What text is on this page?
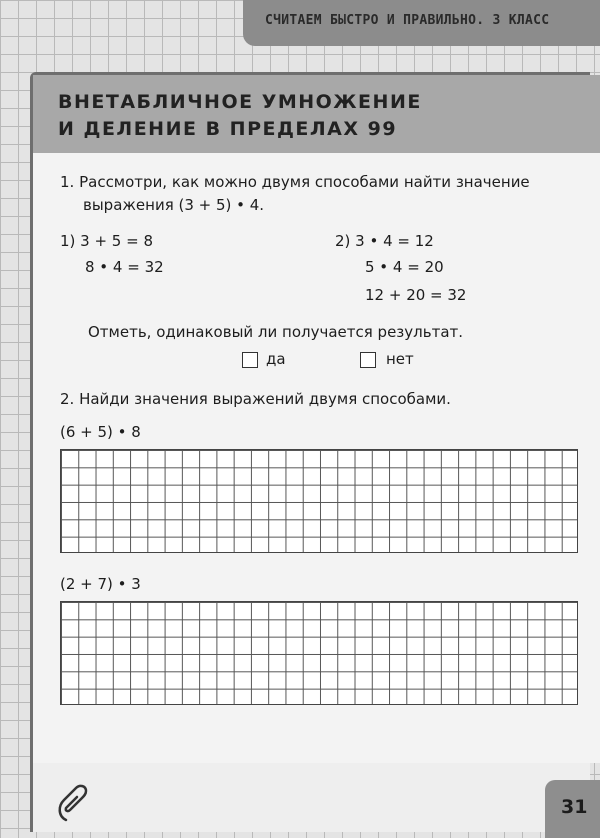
СЧИТАЕМ БЫСТРО И ПРАВИЛЬНО. 3 КЛАСС
ВНЕТАБЛИЧНОЕ УМНОЖЕНИЕ
И ДЕЛЕНИЕ В ПРЕДЕЛАХ 99
1. Рассмотри, как можно двумя способами найти значение
выражения (3 + 5) • 4.
1) 3 + 5 = 8
8 • 4 = 32
2) 3 • 4 = 12
5 • 4 = 20
12 + 20 = 32
Отметь, одинаковый ли получается результат.
да	нет
2. Найди значения выражений двумя способами.
(6 + 5) • 8
(2 + 7) • 3
31
